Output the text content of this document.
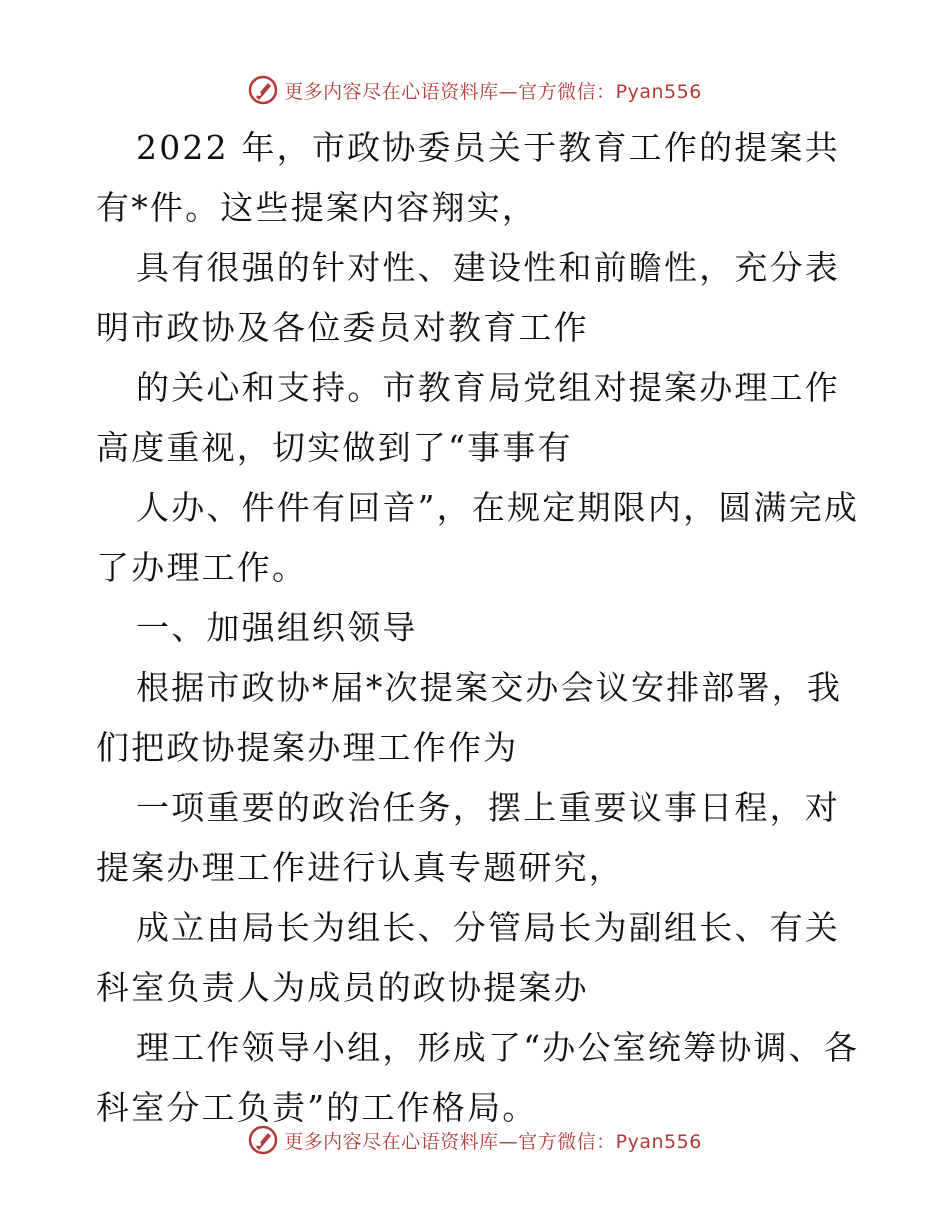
更多内容尽在心语资料库—官方微信：Pyan556

2022 年，市政协委员关于教育工作的提案共有*件。这些提案内容翔实，

具有很强的针对性、建设性和前瞻性，充分表明市政协及各位委员对教育工作

的关心和支持。市教育局党组对提案办理工作高度重视，切实做到了“事事有

人办、件件有回音”，在规定期限内，圆满完成了办理工作。

一、加强组织领导

根据市政协*届*次提案交办会议安排部署，我们把政协提案办理工作作为

一项重要的政治任务，摆上重要议事日程，对提案办理工作进行认真专题研究，

成立由局长为组长、分管局长为副组长、有关科室负责人为成员的政协提案办

理工作领导小组，形成了“办公室统筹协调、各科室分工负责”的工作格局。

更多内容尽在心语资料库—官方微信：Pyan556
